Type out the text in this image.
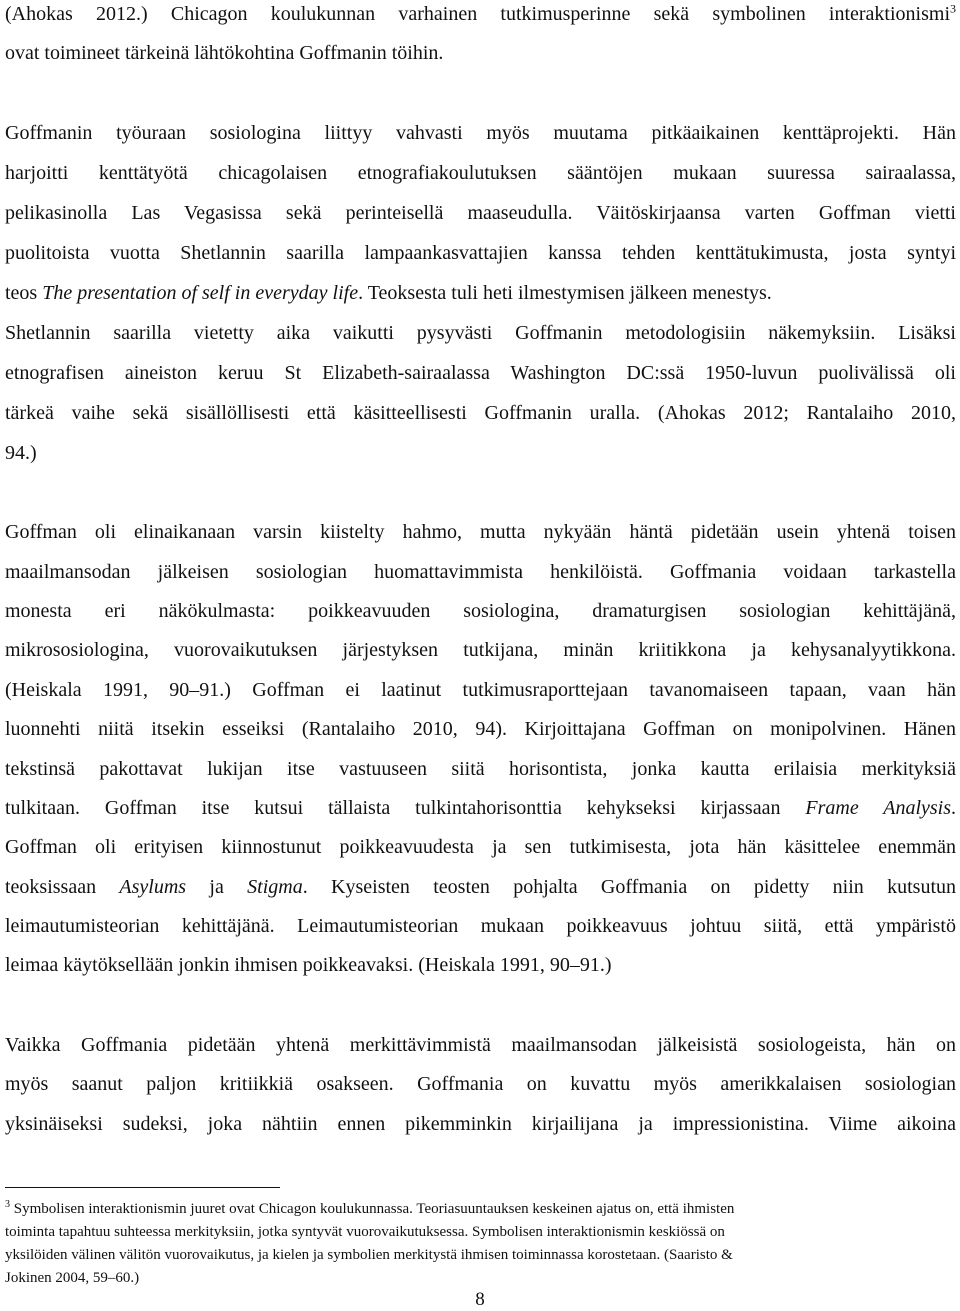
(Ahokas 2012.) Chicagon koulukunnan varhainen tutkimusperinne sekä symbolinen interaktionismi$^3$
ovat toimineet tärkeinä lähtökohtina Goffmanin töihin.
Goffmanin työuraan sosiologina liittyy vahvasti myös muutama pitkäaikainen kenttäprojekti. Hän
harjoitti kenttätyötä chicagolaisen etnografiakoulutuksen sääntöjen mukaan suuressa sairaalassa,
pelikasinolla Las Vegasissa sekä perinteisellä maaseudulla. Väitöskirjaansa varten Goffman vietti
puolitoista vuotta Shetlannin saarilla lampaankasvattajien kanssa tehden kenttätukimusta, josta syntyi
teos The presentation of self in everyday life. Teoksesta tuli heti ilmestymisen jälkeen menestys.
Shetlannin saarilla vietetty aika vaikutti pysyvästi Goffmanin metodologisiin näkemyksiin. Lisäksi
etnografisen aineiston keruu St Elizabeth-sairaalassa Washington DC:ssä 1950-luvun puolivälissä oli
tärkeä vaihe sekä sisällöllisesti että käsitteellisesti Goffmanin uralla. (Ahokas 2012; Rantalaiho 2010,
94.)
Goffman oli elinaikanaan varsin kiistelty hahmo, mutta nykyään häntä pidetään usein yhtenä toisen
maailmansodan jälkeisen sosiologian huomattavimmista henkilöistä. Goffmania voidaan tarkastella
monesta eri näkökulmasta: poikkeavuuden sosiologina, dramaturgisen sosiologian kehittäjänä,
mikrososiologina, vuorovaikutuksen järjestyksen tutkijana, minän kriitikkona ja kehysanalyytikkona.
(Heiskala 1991, 90–91.) Goffman ei laatinut tutkimusraporttejaan tavanomaiseen tapaan, vaan hän
luonnehti niitä itsekin esseiksi (Rantalaiho 2010, 94). Kirjoittajana Goffman on monipolvinen. Hänen
tekstinsä pakottavat lukijan itse vastuuseen siitä horisontista, jonka kautta erilaisia merkityksiä
tulkitaan. Goffman itse kutsui tällaista tulkintahorisonttia kehykseksi kirjassaan Frame Analysis.
Goffman oli erityisen kiinnostunut poikkeavuudesta ja sen tutkimisesta, jota hän käsittelee enemmän
teoksissaan Asylums ja Stigma. Kyseisten teosten pohjalta Goffmania on pidetty niin kutsutun
leimautumisteorian kehittäjänä. Leimautumisteorian mukaan poikkeavuus johtuu siitä, että ympäristö
leimaa käytöksellään jonkin ihmisen poikkeavaksi. (Heiskala 1991, 90–91.)
Vaikka Goffmania pidetään yhtenä merkittävimmistä maailmansodan jälkeisistä sosiologeista, hän on
myös saanut paljon kritiikkiä osakseen. Goffmania on kuvattu myös amerikkalaisen sosiologian
yksinäiseksi sudeksi, joka nähtiin ennen pikemminkin kirjailijana ja impressionistina. Viime aikoina
$^3$ Symbolisen interaktionismin juuret ovat Chicagon koulukunnassa. Teoriasuuntauksen keskeinen ajatus on, että ihmisten
toiminta tapahtuu suhteessa merkityksiin, jotka syntyvät vuorovaikutuksessa. Symbolisen interaktionismin keskiössä on
yksilöiden välinen välitön vuorovaikutus, ja kielen ja symbolien merkitystä ihmisen toiminnassa korostetaan. (Saaristo &
Jokinen 2004, 59–60.)
8
